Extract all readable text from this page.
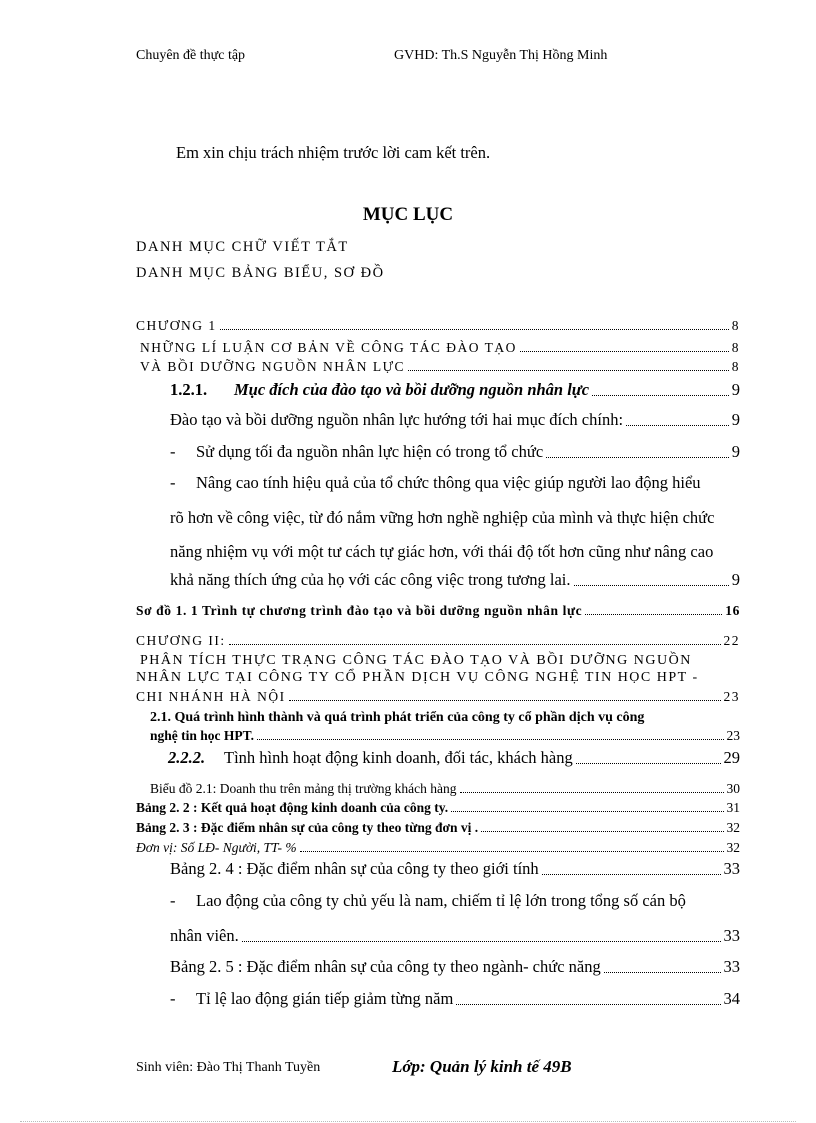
Chuyên đề thực tập	GVHD: Th.S Nguyễn Thị Hồng Minh
Em xin chịu trách nhiệm trước lời cam kết trên.
MỤC LỤC
DANH MỤC CHỮ VIẾT TẮT
DANH MỤC BẢNG BIỂU, SƠ ĐỒ
CHƯƠNG 1	8
NHỮNG LÍ LUẬN CƠ BẢN VỀ CÔNG TÁC ĐÀO TẠO	8
VÀ BỒI DƯỠNG NGUỒN NHÂN LỰC	8
1.2.1.	Mục đích của đào tạo và bồi dưỡng nguồn nhân lực	9
Đào tạo và bồi dưỡng nguồn nhân lực hướng tới hai mục đích chính:	9
-	Sử dụng tối đa nguồn nhân lực hiện có trong tổ chức	9
- Nâng cao tính hiệu quả của tổ chức thông qua việc giúp người lao động hiểu
rõ hơn về công việc, từ đó nắm vững hơn nghề nghiệp của mình và thực hiện chức
năng nhiệm vụ với một tư cách tự giác hơn, với thái độ tốt hơn cũng như nâng cao
khả năng thích ứng của họ với các công việc trong tương lai.	9
Sơ đồ 1. 1 Trình tự chương trình đào tạo và bồi dưỡng nguồn nhân lực	16
CHƯƠNG II:	22
PHÂN TÍCH THỰC TRẠNG CÔNG TÁC ĐÀO TẠO VÀ BỒI DƯỠNG NGUỒN
NHÂN LỰC TẠI CÔNG TY CỔ PHẦN DỊCH VỤ CÔNG NGHỆ TIN HỌC HPT -
CHI NHÁNH HÀ NỘI	23
2.1. Quá trình hình thành và quá trình phát triển của công ty cổ phần dịch vụ công
nghệ tin học HPT.	23
2.2.2.	Tình hình hoạt động kinh doanh, đối tác, khách hàng	29
Biểu đồ 2.1: Doanh thu trên mảng thị trường khách hàng	30
Bảng 2. 2 : Kết quả hoạt động kinh doanh của công ty.	31
Bảng 2. 3 : Đặc điểm nhân sự của công ty theo từng đơn vị .	32
Đơn vị: Số LĐ- Người, TT- %	32
Bảng 2. 4 : Đặc điểm nhân sự của công ty theo giới tính	33
- Lao động của công ty chủ yếu là nam, chiếm tỉ lệ lớn trong tổng số cán bộ
nhân viên.	33
Bảng 2. 5 : Đặc điểm nhân sự của công ty theo ngành- chức năng	33
-	Tỉ lệ lao động gián tiếp giảm từng năm	34
Sinh viên: Đào Thị Thanh Tuyền	Lớp: Quản lý kinh tế 49B
